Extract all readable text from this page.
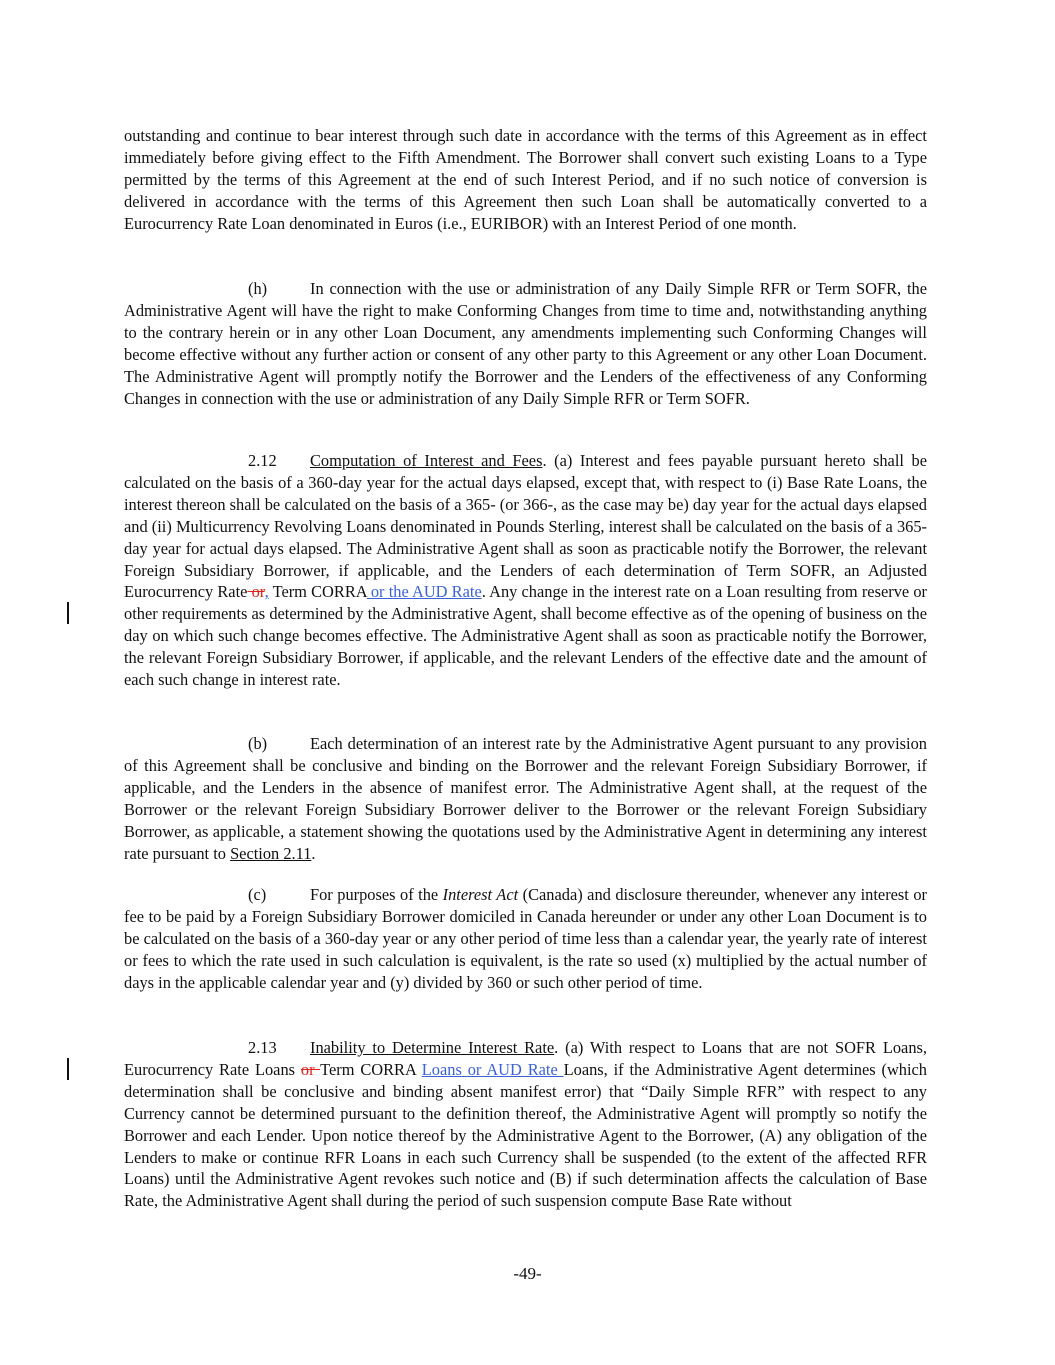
outstanding and continue to bear interest through such date in accordance with the terms of this Agreement as in effect immediately before giving effect to the Fifth Amendment. The Borrower shall convert such existing Loans to a Type permitted by the terms of this Agreement at the end of such Interest Period, and if no such notice of conversion is delivered in accordance with the terms of this Agreement then such Loan shall be automatically converted to a Eurocurrency Rate Loan denominated in Euros (i.e., EURIBOR) with an Interest Period of one month.

(h)	In connection with the use or administration of any Daily Simple RFR or Term SOFR, the Administrative Agent will have the right to make Conforming Changes from time to time and, notwithstanding anything to the contrary herein or in any other Loan Document, any amendments implementing such Conforming Changes will become effective without any further action or consent of any other party to this Agreement or any other Loan Document. The Administrative Agent will promptly notify the Borrower and the Lenders of the effectiveness of any Conforming Changes in connection with the use or administration of any Daily Simple RFR or Term SOFR.

2.12 Computation of Interest and Fees. (a) Interest and fees payable pursuant hereto shall be calculated on the basis of a 360-day year for the actual days elapsed, except that, with respect to (i) Base Rate Loans, the interest thereon shall be calculated on the basis of a 365- (or 366-, as the case may be) day year for the actual days elapsed and (ii) Multicurrency Revolving Loans denominated in Pounds Sterling, interest shall be calculated on the basis of a 365-day year for actual days elapsed. The Administrative Agent shall as soon as practicable notify the Borrower, the relevant Foreign Subsidiary Borrower, if applicable, and the Lenders of each determination of Term SOFR, an Adjusted Eurocurrency Rate or, Term CORRA or the AUD Rate. Any change in the interest rate on a Loan resulting from reserve or other requirements as determined by the Administrative Agent, shall become effective as of the opening of business on the day on which such change becomes effective. The Administrative Agent shall as soon as practicable notify the Borrower, the relevant Foreign Subsidiary Borrower, if applicable, and the relevant Lenders of the effective date and the amount of each such change in interest rate.

(b)	Each determination of an interest rate by the Administrative Agent pursuant to any provision of this Agreement shall be conclusive and binding on the Borrower and the relevant Foreign Subsidiary Borrower, if applicable, and the Lenders in the absence of manifest error. The Administrative Agent shall, at the request of the Borrower or the relevant Foreign Subsidiary Borrower deliver to the Borrower or the relevant Foreign Subsidiary Borrower, as applicable, a statement showing the quotations used by the Administrative Agent in determining any interest rate pursuant to Section 2.11.

(c)	For purposes of the Interest Act (Canada) and disclosure thereunder, whenever any interest or fee to be paid by a Foreign Subsidiary Borrower domiciled in Canada hereunder or under any other Loan Document is to be calculated on the basis of a 360-day year or any other period of time less than a calendar year, the yearly rate of interest or fees to which the rate used in such calculation is equivalent, is the rate so used (x) multiplied by the actual number of days in the applicable calendar year and (y) divided by 360 or such other period of time.

2.13 Inability to Determine Interest Rate. (a) With respect to Loans that are not SOFR Loans, Eurocurrency Rate Loans or Term CORRA Loans or AUD Rate Loans, if the Administrative Agent determines (which determination shall be conclusive and binding absent manifest error) that “Daily Simple RFR” with respect to any Currency cannot be determined pursuant to the definition thereof, the Administrative Agent will promptly so notify the Borrower and each Lender. Upon notice thereof by the Administrative Agent to the Borrower, (A) any obligation of the Lenders to make or continue RFR Loans in each such Currency shall be suspended (to the extent of the affected RFR Loans) until the Administrative Agent revokes such notice and (B) if such determination affects the calculation of Base Rate, the Administrative Agent shall during the period of such suspension compute Base Rate without

-49-
